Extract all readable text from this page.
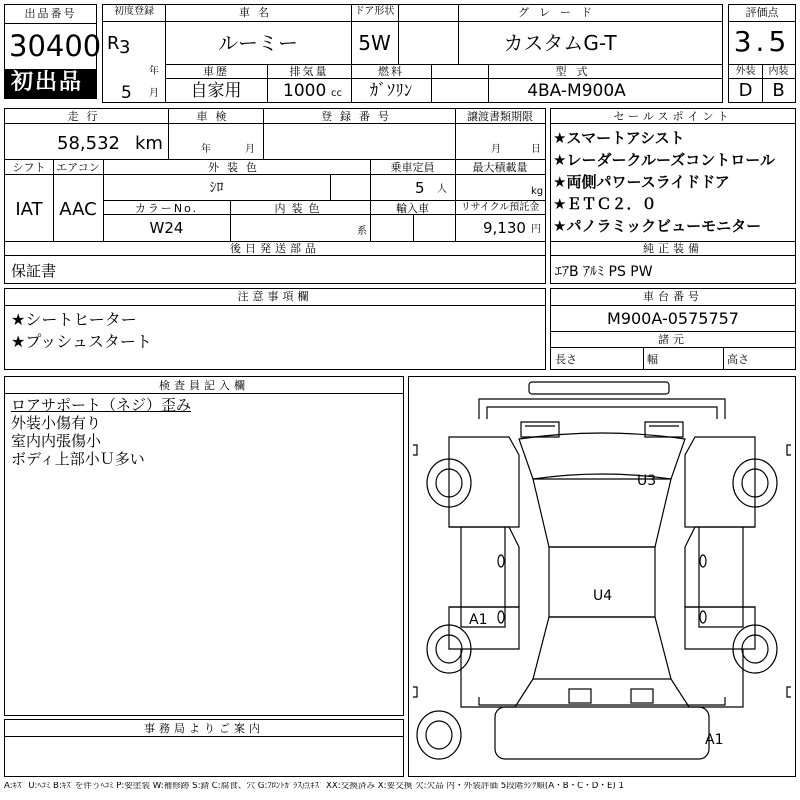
出品番号
30400
初出品
初度登録
R 3
年
5 月
車名
ルーミー
ドア形状
5W
グレード
カスタムG-T
車歴
自家用
排気量
1000 cc
燃料
ｶﾞｿﾘﾝ
型式
4BA-M900A
評価点
3.5
外装	内装
D	B
走行
58,532 km
車検
年	月
登録番号	譲渡書類期限
月	日
シフト
IAT
エアコン
AAC
外装色
ｼﾛ
乗車定員
5 人
最大積載量
kg
カラーNo.
W24
内装色
系
輸入車	リサイクル預託金
9,130 円
後日発送部品
保証書
セールスポイント
★スマートアシスト
★レーダークルーズコントロール
★両側パワースライドドア
★ＥＴＣ２．０
★パノラミックビューモニター
純正装備
ｴｱB ｱﾙﾐ PS PW
注意事項欄
★シートヒーター
★プッシュスタート
車台番号
M900A-0575757
諸元
長さ	幅	高さ
検査員記入欄
ロアサポート（ネジ）歪み
外装小傷有り
室内内張傷小
ボディ上部小Ｕ多い
事務局よりご案内
U3
U4
A1
A1
A:ｷｽﾞ U:ﾍｺﾐ B:ｷｽﾞを伴うﾍｺﾐ P:要塗装 W:補修跡 S:錆 C:腐食、穴 G:ﾌﾛﾝﾄｶﾞﾗｽ点ｷｽﾞ XX:交換済み X:要交換 欠:欠品 内・外装評価 5段階ﾗﾝｸ順(A・B・C・D・E) 1
